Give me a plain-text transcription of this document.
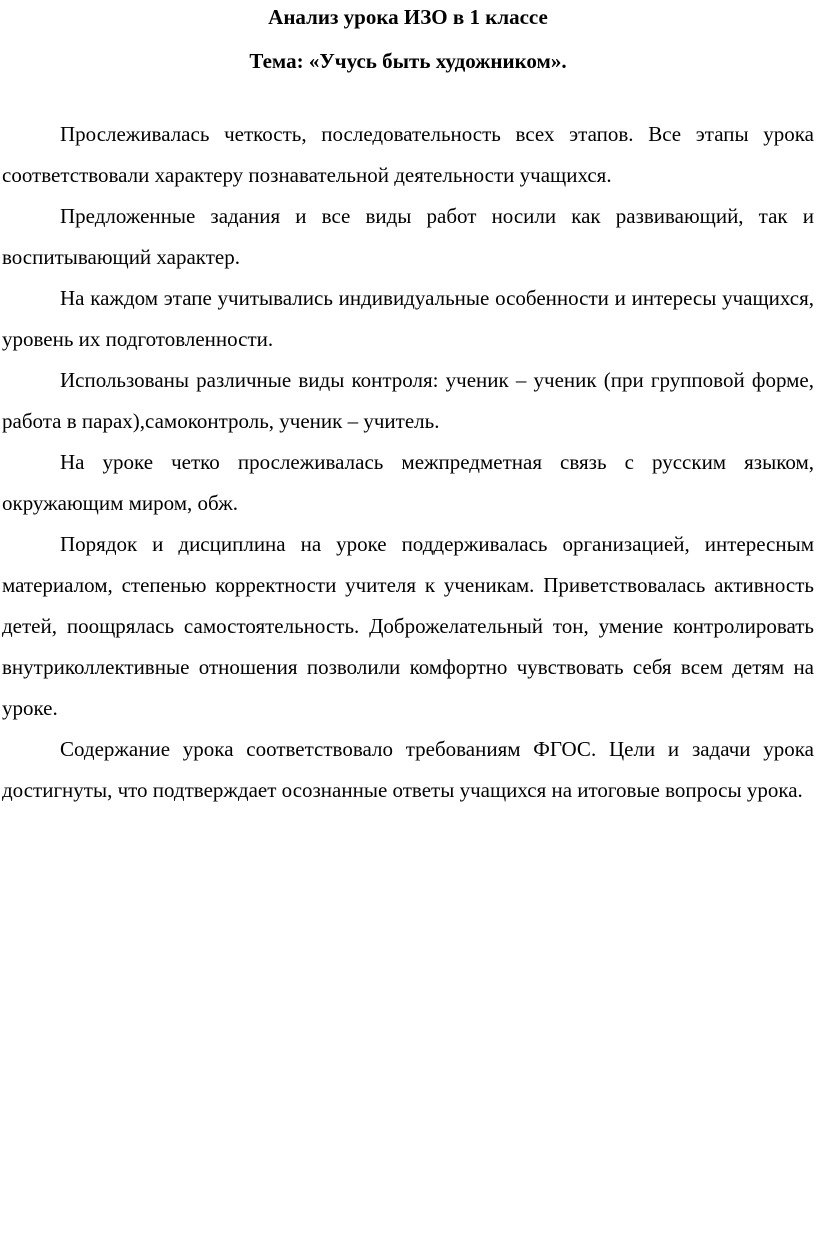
Анализ урока ИЗО в 1 классе
Тема: «Учусь быть художником».

Прослеживалась четкость, последовательность всех этапов. Все этапы урока соответствовали характеру познавательной деятельности учащихся.

Предложенные задания и все виды работ носили как развивающий, так и воспитывающий характер.

На каждом этапе учитывались индивидуальные особенности и интересы учащихся, уровень их подготовленности.

Использованы различные виды контроля: ученик – ученик (при групповой форме, работа в парах),самоконтроль, ученик – учитель.

На уроке четко прослеживалась межпредметная связь с русским языком, окружающим миром, обж.

Порядок и дисциплина на уроке поддерживалась организацией, интересным материалом, степенью корректности учителя к ученикам. Приветствовалась активность детей, поощрялась самостоятельность. Доброжелательный тон, умение контролировать внутриколлективные отношения позволили комфортно чувствовать себя всем детям на уроке.

Содержание урока соответствовало требованиям ФГОС. Цели и задачи урока достигнуты, что подтверждает осознанные ответы учащихся на итоговые вопросы урока.
